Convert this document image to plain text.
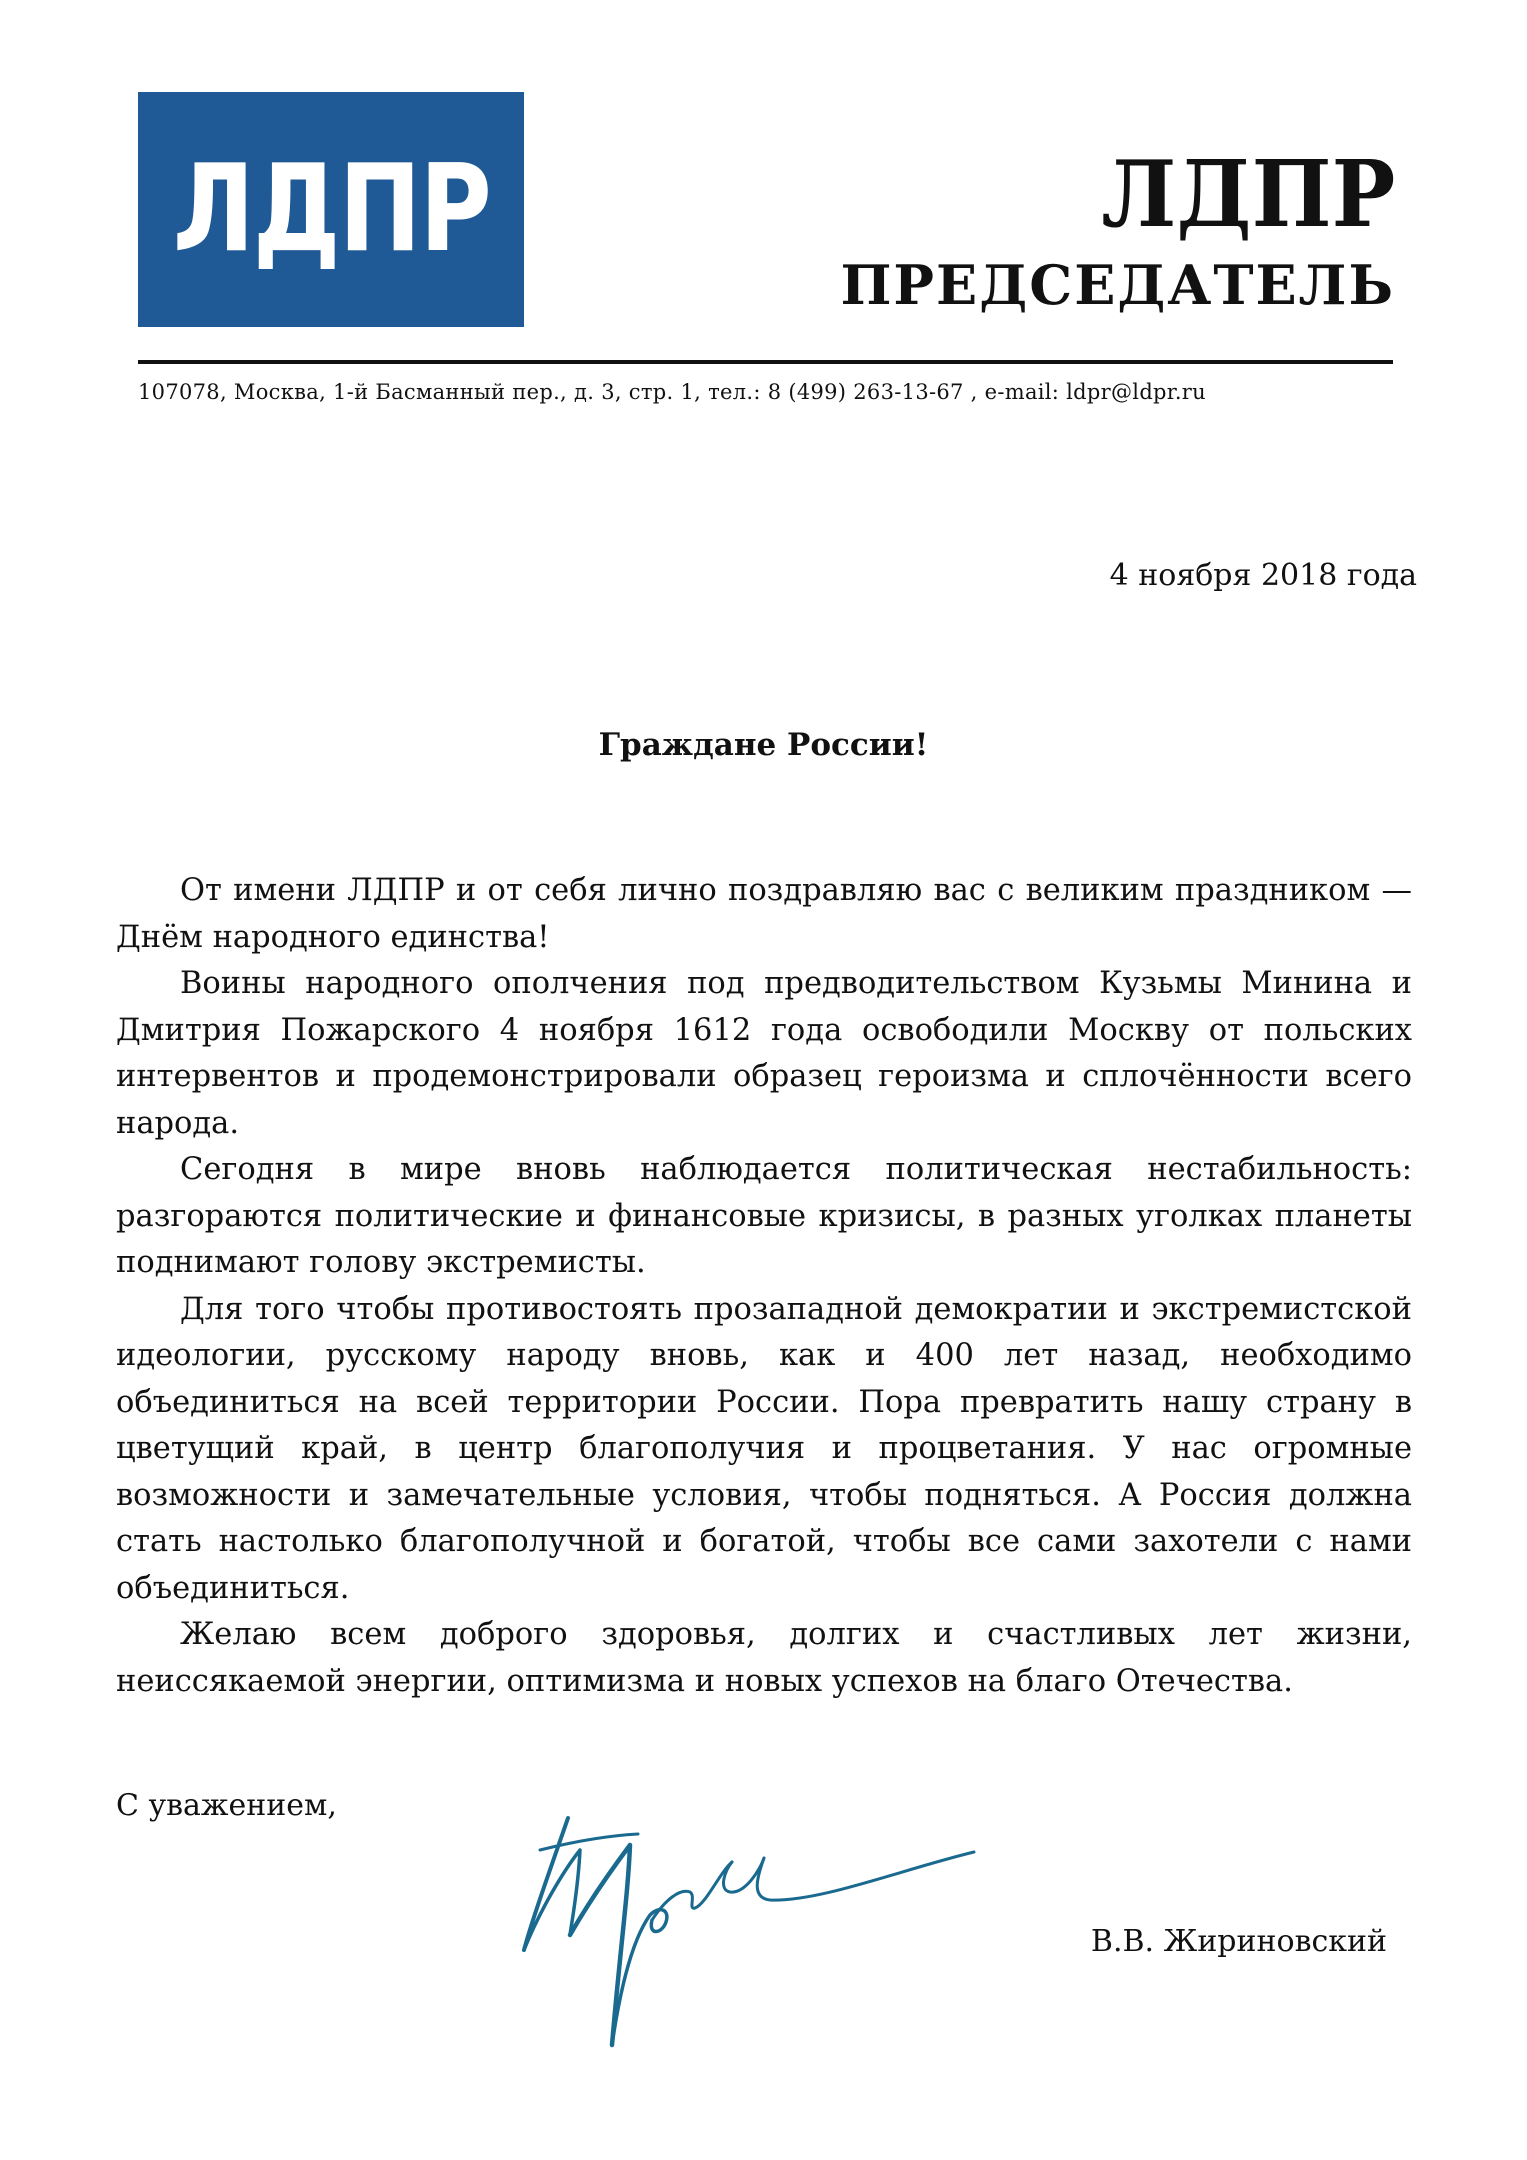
ЛДПР	ЛДПР
ПРЕДСЕДАТЕЛЬ
107078, Москва, 1-й Басманный пер., д. 3, стр. 1, тел.: 8 (499) 263-13-67 , e-mail: ldpr@ldpr.ru
4 ноября 2018 года
Граждане России!

От имени ЛДПР и от себя лично поздравляю вас с великим праздником — Днём народного единства!

Воины народного ополчения под предводительством Кузьмы Минина и Дмитрия Пожарского 4 ноября 1612 года освободили Москву от польских интервентов и продемонстрировали образец героизма и сплочённости всего народа.

Сегодня в мире вновь наблюдается политическая нестабильность: разгораются политические и финансовые кризисы, в разных уголках планеты поднимают голову экстремисты.

Для того чтобы противостоять прозападной демократии и экстремистской идеологии, русскому народу вновь, как и 400 лет назад, необходимо объединиться на всей территории России. Пора превратить нашу страну в цветущий край, в центр благополучия и процветания. У нас огромные возможности и замечательные условия, чтобы подняться. А Россия должна стать настолько благополучной и богатой, чтобы все сами захотели с нами объединиться.

Желаю всем доброго здоровья, долгих и счастливых лет жизни, неиссякаемой энергии, оптимизма и новых успехов на благо Отечества.

С уважением,
В.В. Жириновский
